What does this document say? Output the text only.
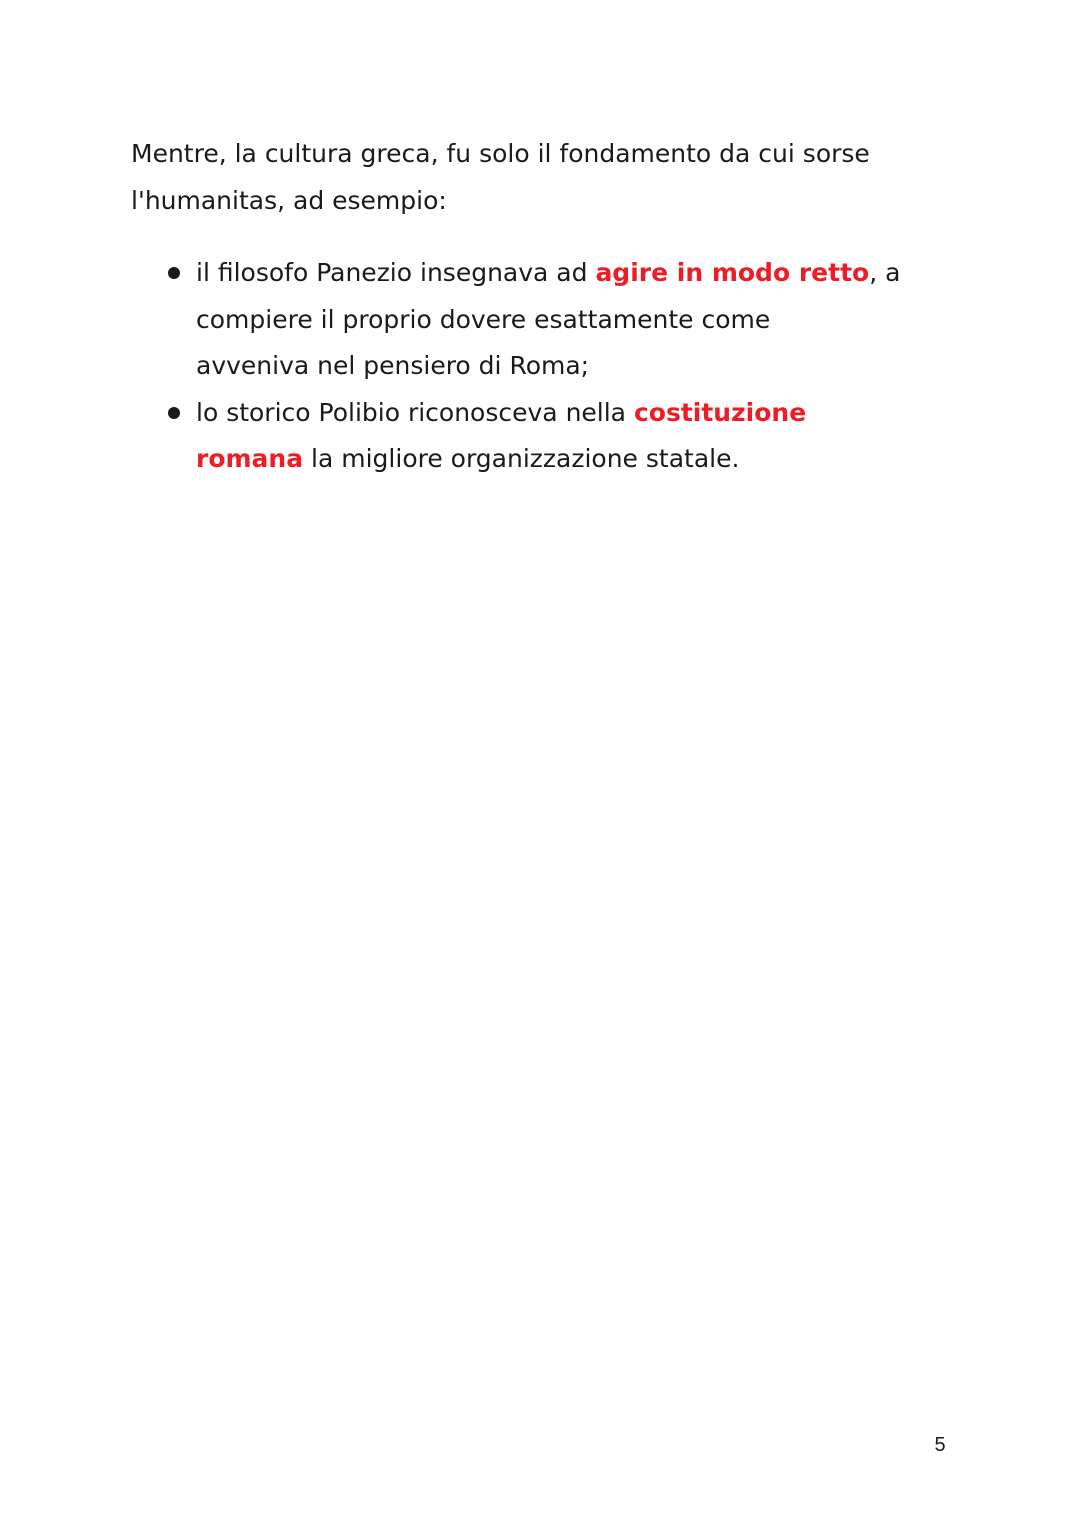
Mentre, la cultura greca, fu solo il fondamento da cui sorse
l'humanitas, ad esempio:

il filosofo Panezio insegnava ad agire in modo retto, a
compiere il proprio dovere esattamente come
avveniva nel pensiero di Roma;
lo storico Polibio riconosceva nella costituzione
romana la migliore organizzazione statale.
5
